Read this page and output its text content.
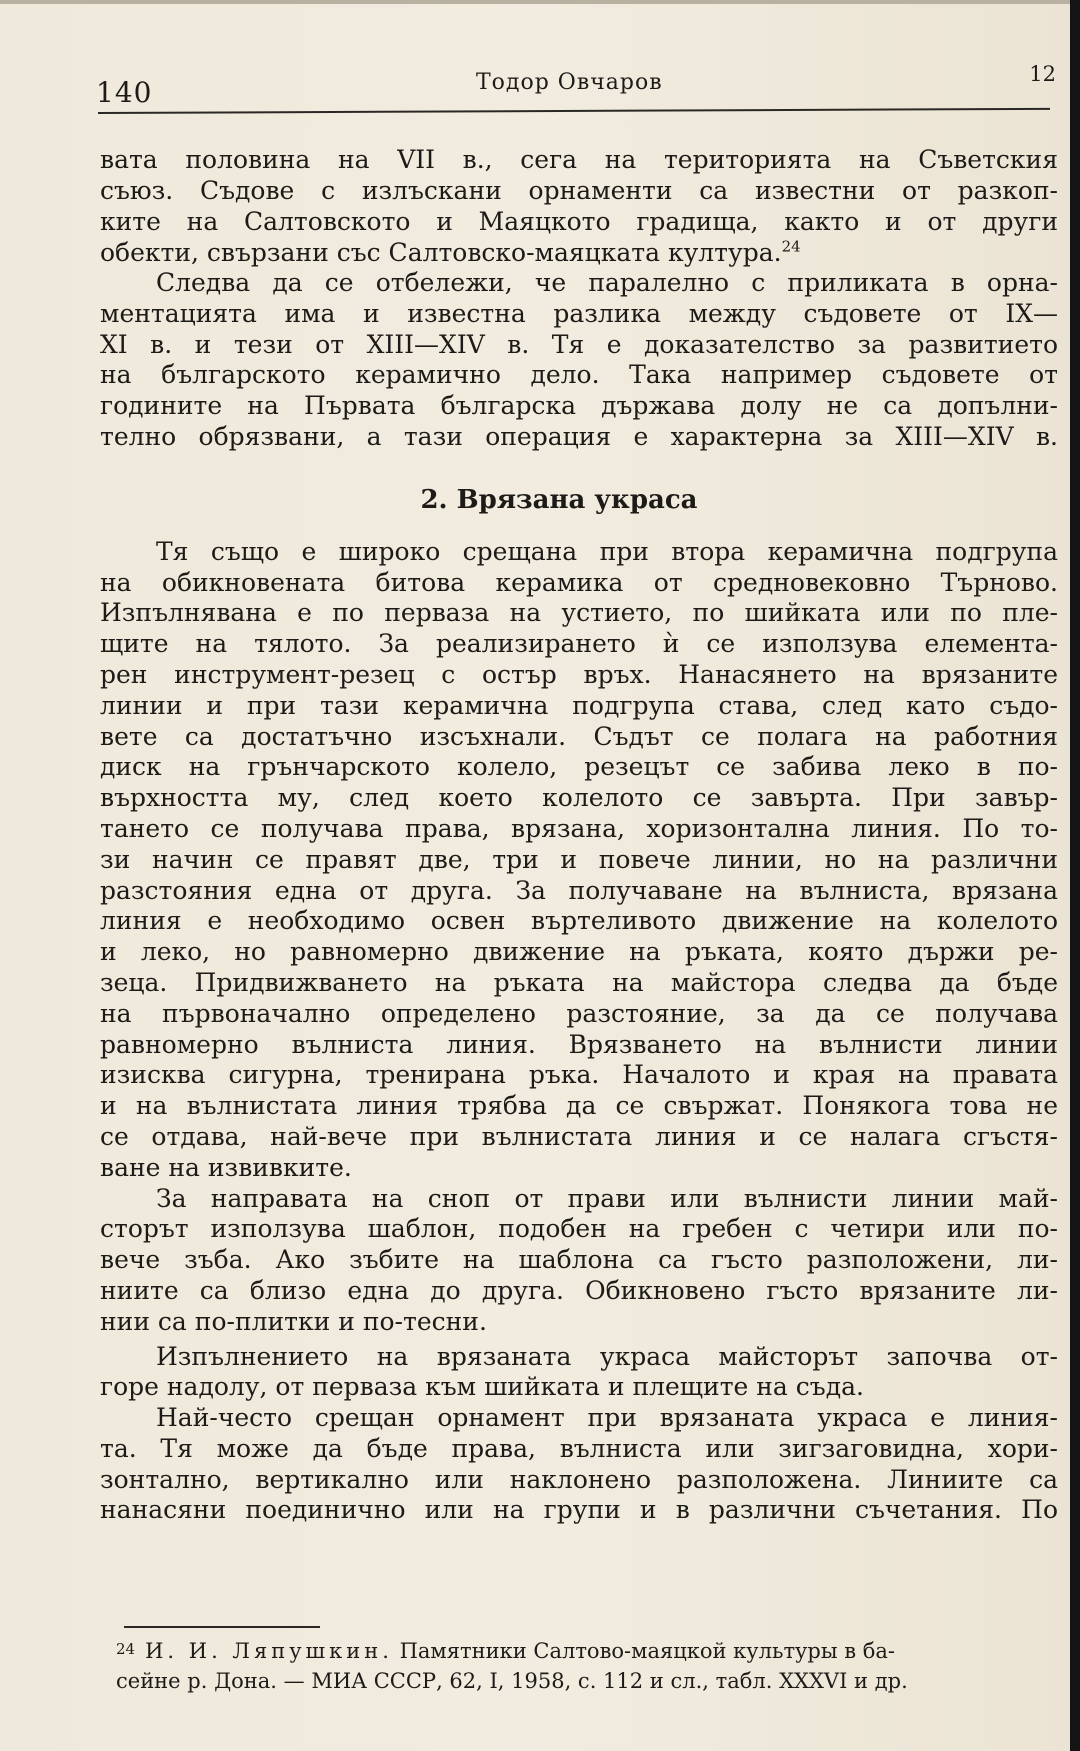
140	Тодор Овчаров	12
вата половина на VII в., сега на територията на Съветския
съюз. Съдове с излъскани орнаменти са известни от разкоп-
ките на Салтовското и Маяцкото градища, както и от други
обекти, свързани със Салтовско-маяцката култура.$^{24}$
Следва да се отбележи, че паралелно с приликата в орна-
ментацията има и известна разлика между съдовете от IX—
XI в. и тези от XIII—XIV в. Тя е доказателство за развитието
на българското керамично дело. Така например съдовете от
годините на Първата българска държава долу не са допълни-
телно обрязвани, а тази операция е характерна за XIII—XIV в.
2. Врязана украса
Тя също е широко срещана при втора керамична подгрупа
на обикновената битова керамика от средновековно Търново.
Изпълнявана е по перваза на устието, по шийката или по пле-
щите на тялото. За реализирането ѝ се използува елемента-
рен инструмент-резец с остър връх. Нанасянето на врязаните
линии и при тази керамична подгрупа става, след като съдо-
вете са достатъчно изсъхнали. Съдът се полага на работния
диск на грънчарското колело, резецът се забива леко в по-
върхността му, след което колелото се завърта. При завър-
тането се получава права, врязана, хоризонтална линия. По то-
зи начин се правят две, три и повече линии, но на различни
разстояния една от друга. За получаване на вълниста, врязана
линия е необходимо освен въртеливото движение на колелото
и леко, но равномерно движение на ръката, която държи ре-
зеца. Придвижването на ръката на майстора следва да бъде
на първоначално определено разстояние, за да се получава
равномерно вълниста линия. Врязването на вълнисти линии
изисква сигурна, тренирана ръка. Началото и края на правата
и на вълнистата линия трябва да се свържат. Понякога това не
се отдава, най-вече при вълнистата линия и се налага сгъстя-
ване на извивките.
За направата на сноп от прави или вълнисти линии май-
сторът използува шаблон, подобен на гребен с четири или по-
вече зъба. Ако зъбите на шаблона са гъсто разположени, ли-
ниите са близо една до друга. Обикновено гъсто врязаните ли-
нии са по-плитки и по-тесни.
Изпълнението на врязаната украса майсторът започва от-
горе надолу, от перваза към шийката и плещите на съда.
Най-често срещан орнамент при врязаната украса е линия-
та. Тя може да бъде права, вълниста или зигзаговидна, хори-
зонтално, вертикално или наклонено разположена. Линиите са
нанасяни поединично или на групи и в различни съчетания. По
24 И. И. Ляпушкин. Памятники Салтово-маяцкой культуры в ба-
сейне р. Дона. — МИА СССР, 62, I, 1958, с. 112 и сл., табл. XXXVI и др.
